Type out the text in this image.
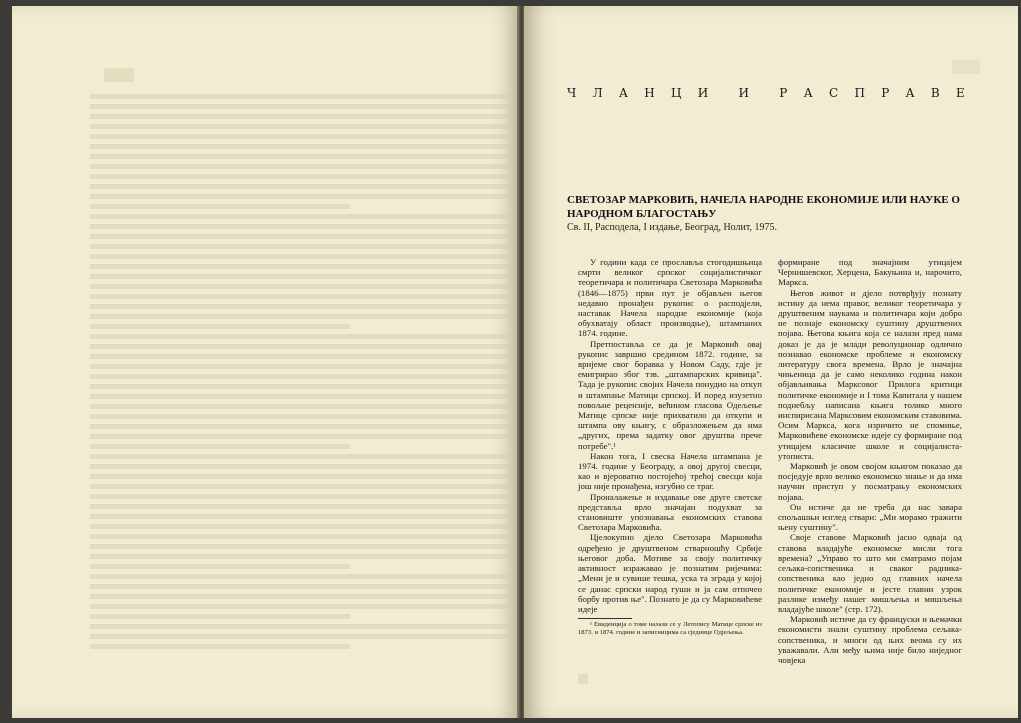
Ч Л А Н Ц И	И	Р А С П Р А В Е
СВЕТОЗАР МАРКОВИЋ, НАЧЕЛА НАРОДНЕ ЕКОНОМИЈЕ ИЛИ НАУКЕ О НАРОДНОМ БЛАГОСТАЊУ

Св. II, Расподела, I издање, Београд, Нолит, 1975.

У години када се прославља стогодишњица смрти великог српског социјалистичког теоретичара и политичара Светозара Марковића (1846—1875) први пут је објављен његов недавно пронађен рукопис о расподјели, наставак Начела народне економије (која обухватају област производње), штампаних 1874. године.

Претпоставља се да је Марковић овај рукопис завршио средином 1872. године, за вријеме свог боравка у Новом Саду, гдје је емигрирао због тзв. „штампарских кривица". Тада је рукопис својих Начела понудио на откуп и штампање Матици српској. И поред изузетно повољне рецензије, већином гласова Одељење Матице српске није прихватило да откупи и штампа ову књигу, с образложењем да има „других, према задатку овог друштва прече потребе".¹

Након тога, I свеска Начела штампана је 1974. године у Београду, а овој другој свесци, као и вјероватно постојећој трећој свесци која још није пронађена, изгубио се траг.

Проналажење и издавање ове друге светске представља врло значајан подухват за становиште упознавања економских ставова Светозара Марковића.

Цјелокупно дјело Светозара Марковића одређено је друштвеном стварношћу Србије његовог доба. Мотиве за своју политичку активност изражавао је познатим ријечима: „Мени је и сувише тешка, уска та зграда у којој се данас српски народ гуши и ја сам отпочео борбу против ње". Познато је да су Марковићеве идеје

¹ Евиденција о томе налази се у Летопису Матице српске из 1873. и 1874. године и записницима са сједнице Одјељења.

формиране под значајним утицајем Чернишевског, Херцена, Бакуњина и, нарочито, Маркса.

Његов живот и дјело потврђују познату истину да нема правог, великог теоретичара у друштвеним наукама и политичара који добро не познаје економску суштину друштвених појава. Његова књига која се налази пред нама доказ је да је млади револуционар одлично познавао економске проблеме и економску литературу свога времена. Врло је значајна чињеница да је само неколико година након објављивања Марксовог Прилога критици политичке економије и I тома Капитала у нашем поднебљу написана књига толико много инспирисана Марксовим економским ставовима. Осим Маркса, кога изричито не спомиње, Марковићеве економске идеје су формиране под утицајем класичне школе и социјалиста-утописта.

Марковић је овом својом књигом показао да посједује врло велико економско знање и да има научни приступ у посматрању економских појава.

Он истиче да не треба да нас завара спољашњи изглед ствари: „Ми морамо тражити њену суштину".

Своје ставове Марковић јасно одваја од ставова владајуће економске мисли тога времена? „Управо то што ми сматрамо појам сељака-сопственика и сваког радника-сопственика као једно од главних начела политичке економије и јесте главни узрок разлике између нашег мишљења и мишљења владајуће школе" (стр. 172).

Марковић истиче да су француски и њемачки економисти знали суштину проблема сељака-сопственика, и многи од њих веома су их уважавали. Али међу њима није било ниједног човјека
